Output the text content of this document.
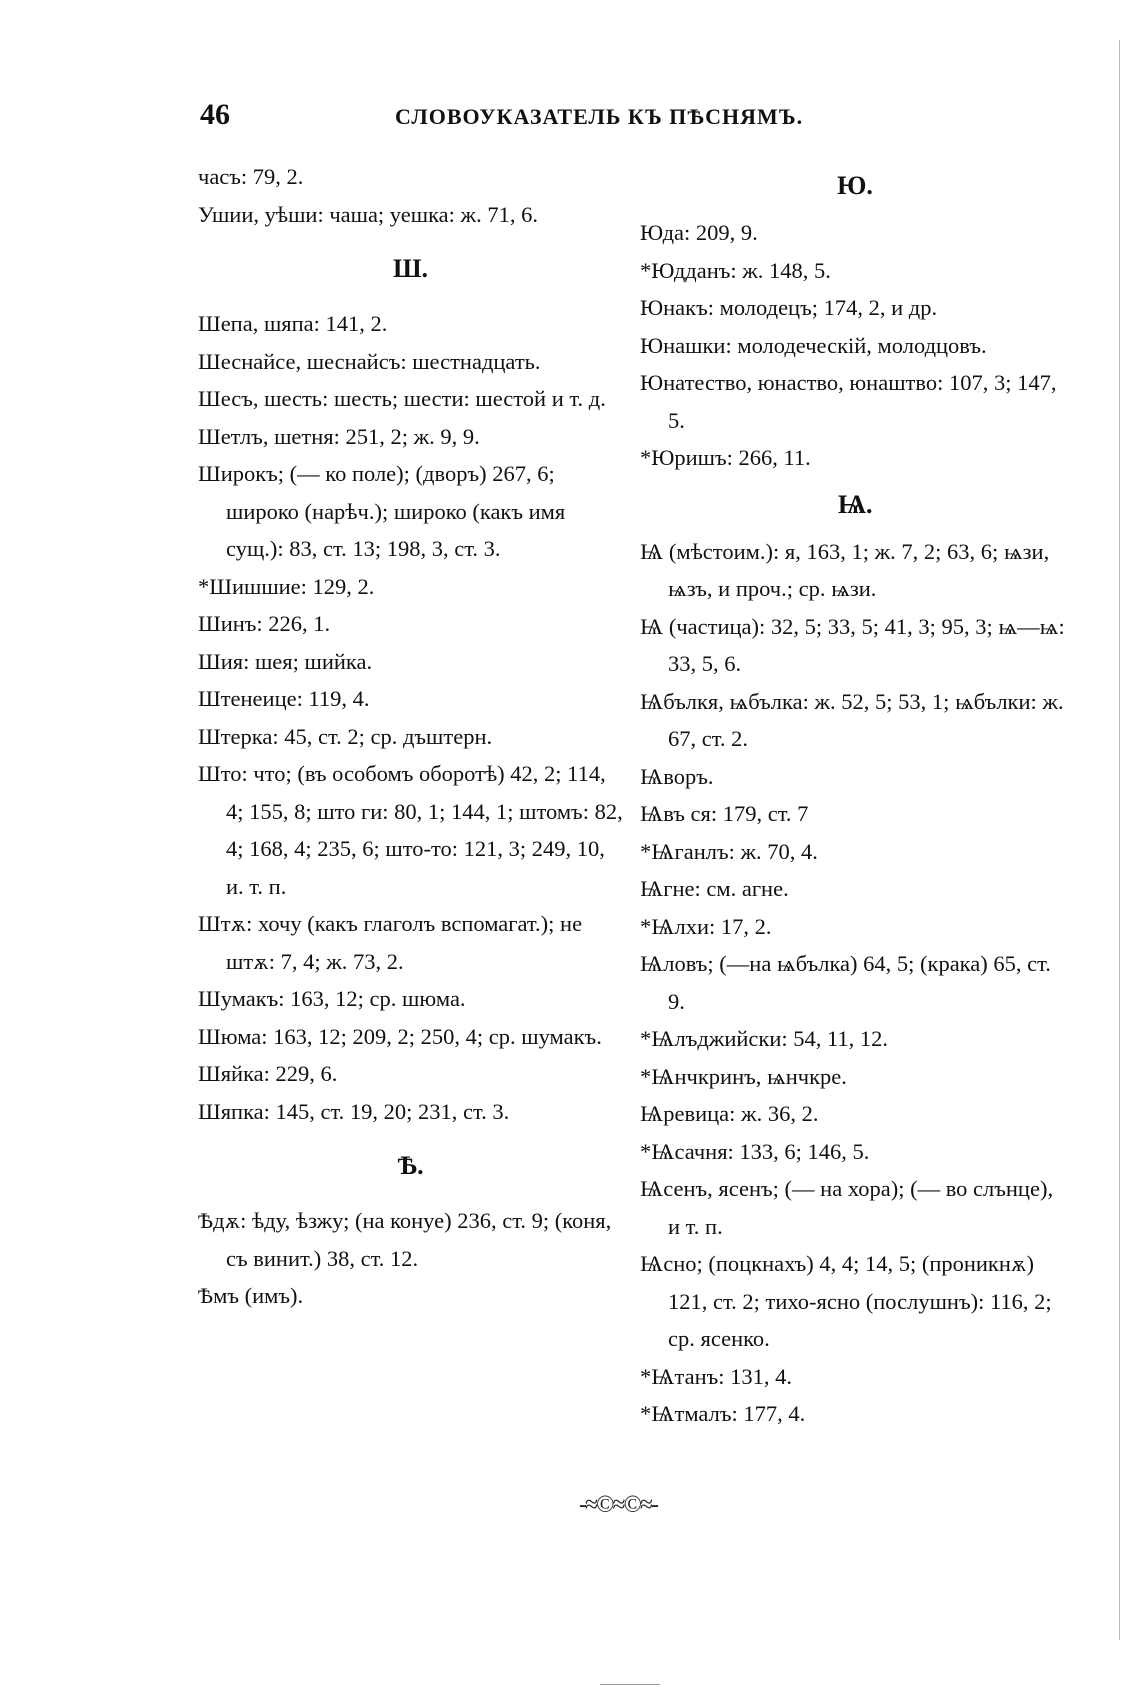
46	СЛОВОУКАЗАТЕЛЬ КЪ ПѢСНЯМЪ.
часъ: 79, 2.
Ушии, уѣши: чаша; уешка: ж. 71, 6.
Ш.
Шепа, шяпа: 141, 2.
Шеснайсе, шеснайсъ: шестнадцать.
Шесъ, шесть: шесть; шести: шестой и т. д.
Шетлъ, шетня: 251, 2; ж. 9, 9.
Широкъ; (— ко поле); (дворъ) 267, 6; широко (нарѣч.); широко (какъ имя сущ.): 83, ст. 13; 198, 3, ст. 3.
*Шишшие: 129, 2.
Шинъ: 226, 1.
Шия: шея; шийка.
Штенеицe: 119, 4.
Штерка: 45, ст. 2; ср. дъштерн.
Што: что; (въ особомъ оборотѣ) 42, 2; 114, 4; 155, 8; што ги: 80, 1; 144, 1; штомъ: 82, 4; 168, 4; 235, 6; што-то: 121, 3; 249, 10, и. т. п.
Штѫ: хочу (какъ глаголъ вспомагат.); не штѫ: 7, 4; ж. 73, 2.
Шумакъ: 163, 12; ср. шюма.
Шюма: 163, 12; 209, 2; 250, 4; ср. шумакъ.
Шяйка: 229, 6.
Шяпка: 145, ст. 19, 20; 231, ст. 3.
Ѣ.
Ѣдѫ: ѣду, ѣзжу; (на конуе) 236, ст. 9; (коня, съ винит.) 38, ст. 12.
Ѣмъ (имъ).
Ю.
Юда: 209, 9.
*Юдданъ: ж. 148, 5.
Юнакъ: молодецъ; 174, 2, и др.
Юнашки: молодеческій, молодцовъ.
Юнатество, юнаство, юнаштво: 107, 3; 147, 5.
*Юришъ: 266, 11.
Ѩ.
Ѩ (мѣстоим.): я, 163, 1; ж. 7, 2; 63, 6; ѩзи, ѩзъ, и проч.; ср. ѩзи.
Ѩ (частица): 32, 5; 33, 5; 41, 3; 95, 3; ѩ—ѩ: 33, 5, 6.
Ѩбълкя, ѩбълка: ж. 52, 5; 53, 1; ѩбълки: ж. 67, ст. 2.
Ѩворъ.
Ѩвъ ся: 179, ст. 7
*Ѩганлъ: ж. 70, 4.
Ѩгне: см. агне.
*Ѩлхи: 17, 2.
Ѩловъ; (—на ѩбълка) 64, 5; (крака) 65, ст. 9.
*Ѩлъджийски: 54, 11, 12.
*Ѩнчкринъ, ѩнчкре.
Ѩревица: ж. 36, 2.
*Ѩсачня: 133, 6; 146, 5.
Ѩсенъ, ясенъ; (— на хора); (— во слънце), и т. п.
Ѩсно; (поцкнахъ) 4, 4; 14, 5; (проникнѫ) 121, ст. 2; тихо-ясно (послушнъ): 116, 2; ср. ясенко.
*Ѩтанъ: 131, 4.
*Ѩтмалъ: 177, 4.
-≈©≈©≈-
